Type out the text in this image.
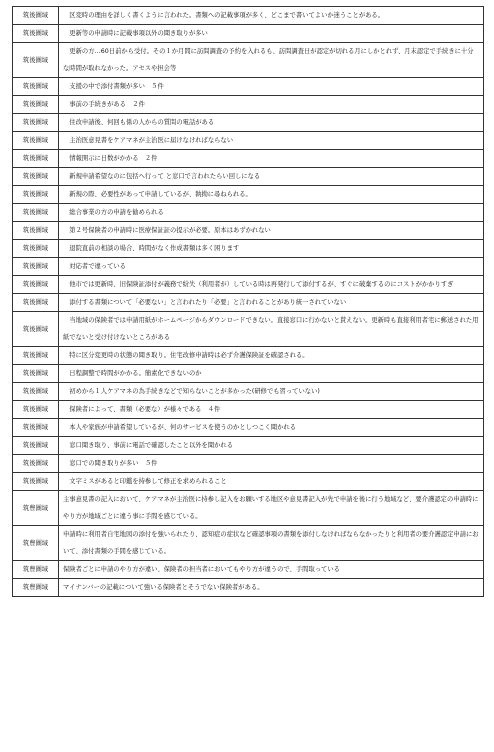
筑後圏域	区変時の理由を詳しく書くように言われた。書類への記載事項が多く、どこまで書いてよいか迷うことがある。
筑後圏域	更新等の申請時に記載事項以外の聞き取りが多い
筑後圏域	更新の方…60日前から受付。その１か月間に訪問調査の予約を入れるも、訪問調査日が認定が切れる月にしかとれず、月末認定で手続きに十分な時間が取れなかった。アセスや担会等
筑後圏域	支援の中で添付書類が多い　５件
筑後圏域	事前の手続きがある　２件
筑後圏域	住改申請後、何回も係の人からの質問の電話がある
筑後圏域	主治医意見書をケアマネが主治医に届けなければならない
筑後圏域	情報開示に日数がかかる　２件
筑後圏域	新規申請希望なのに包括へ行って と窓口で言われたらい回しになる
筑後圏域	新規の際、必要性があって申請しているが、執拗に尋ねられる。
筑後圏域	総合事業の方の申請を勧められる
筑後圏域	第２号保険者の申請時に医療保証証の提示が必要。原本はあずかれない
筑後圏域	退院直前の相談の場合、時間がなく作成書類は多く困ります
筑後圏域	対応者で違っている
筑後圏域	他市では更新時、旧保険証添付が義務で紛失（利用者が）している時は再発行して添付するが、すぐに破棄するのにコストがかかりすぎ
筑後圏域	添付する書類について「必要ない」と言われたり「必要」と言われることがあり統一されていない
筑後圏域	当地域の保険者では申請用紙がホームページからダウンロードできない。直接窓口に行かないと貰えない。更新時も直接利用者宅に郵送された用紙でないと受け付けないところがある
筑後圏域	特に区分変更時の状態の聞き取り。住宅改修申請時は必ず介護保険証を確認される。
筑後圏域	日程調整で時間がかかる。簡素化できないのか
筑後圏域	初めから１人ケアマネの為手続きなどで知らないことが多かった(研修でも習っていない)
筑後圏域	保険者によって、書類（必要な）が様々である　４件
筑後圏域	本人や家族が申請希望しているが、何のサービスを使うのかとしつこく聞かれる
筑後圏域	窓口聞き取り、事前に電話で確認したこと以外を聞かれる
筑後圏域	窓口での聞き取りが多い　５件
筑後圏域	文字ミスがあると印鑑を持参して修正を求められること
筑豊圏域	主事意見書の記入において、ケアマネが主治医に持参し記入をお願いする地区や意見書記入が先で申請を後に行う地域など、要介護認定の申請時にやり方が地域ごとに違う事に手間を感じている。
筑豊圏域	申請時に利用者自宅地図の添付を強いられたり、認知症の症状など確認事項の書類を添付しなければならなかったりと利用者の要介護認定申請において、添付書類の手間を感じている。
筑豊圏域	保険者ごとに申請のやり方が違い、保険者の担当者においてもやり方が違うので、手間取っている
筑豊圏域	マイナンバーの記載について強いる保険者とそうでない保険者がある。
